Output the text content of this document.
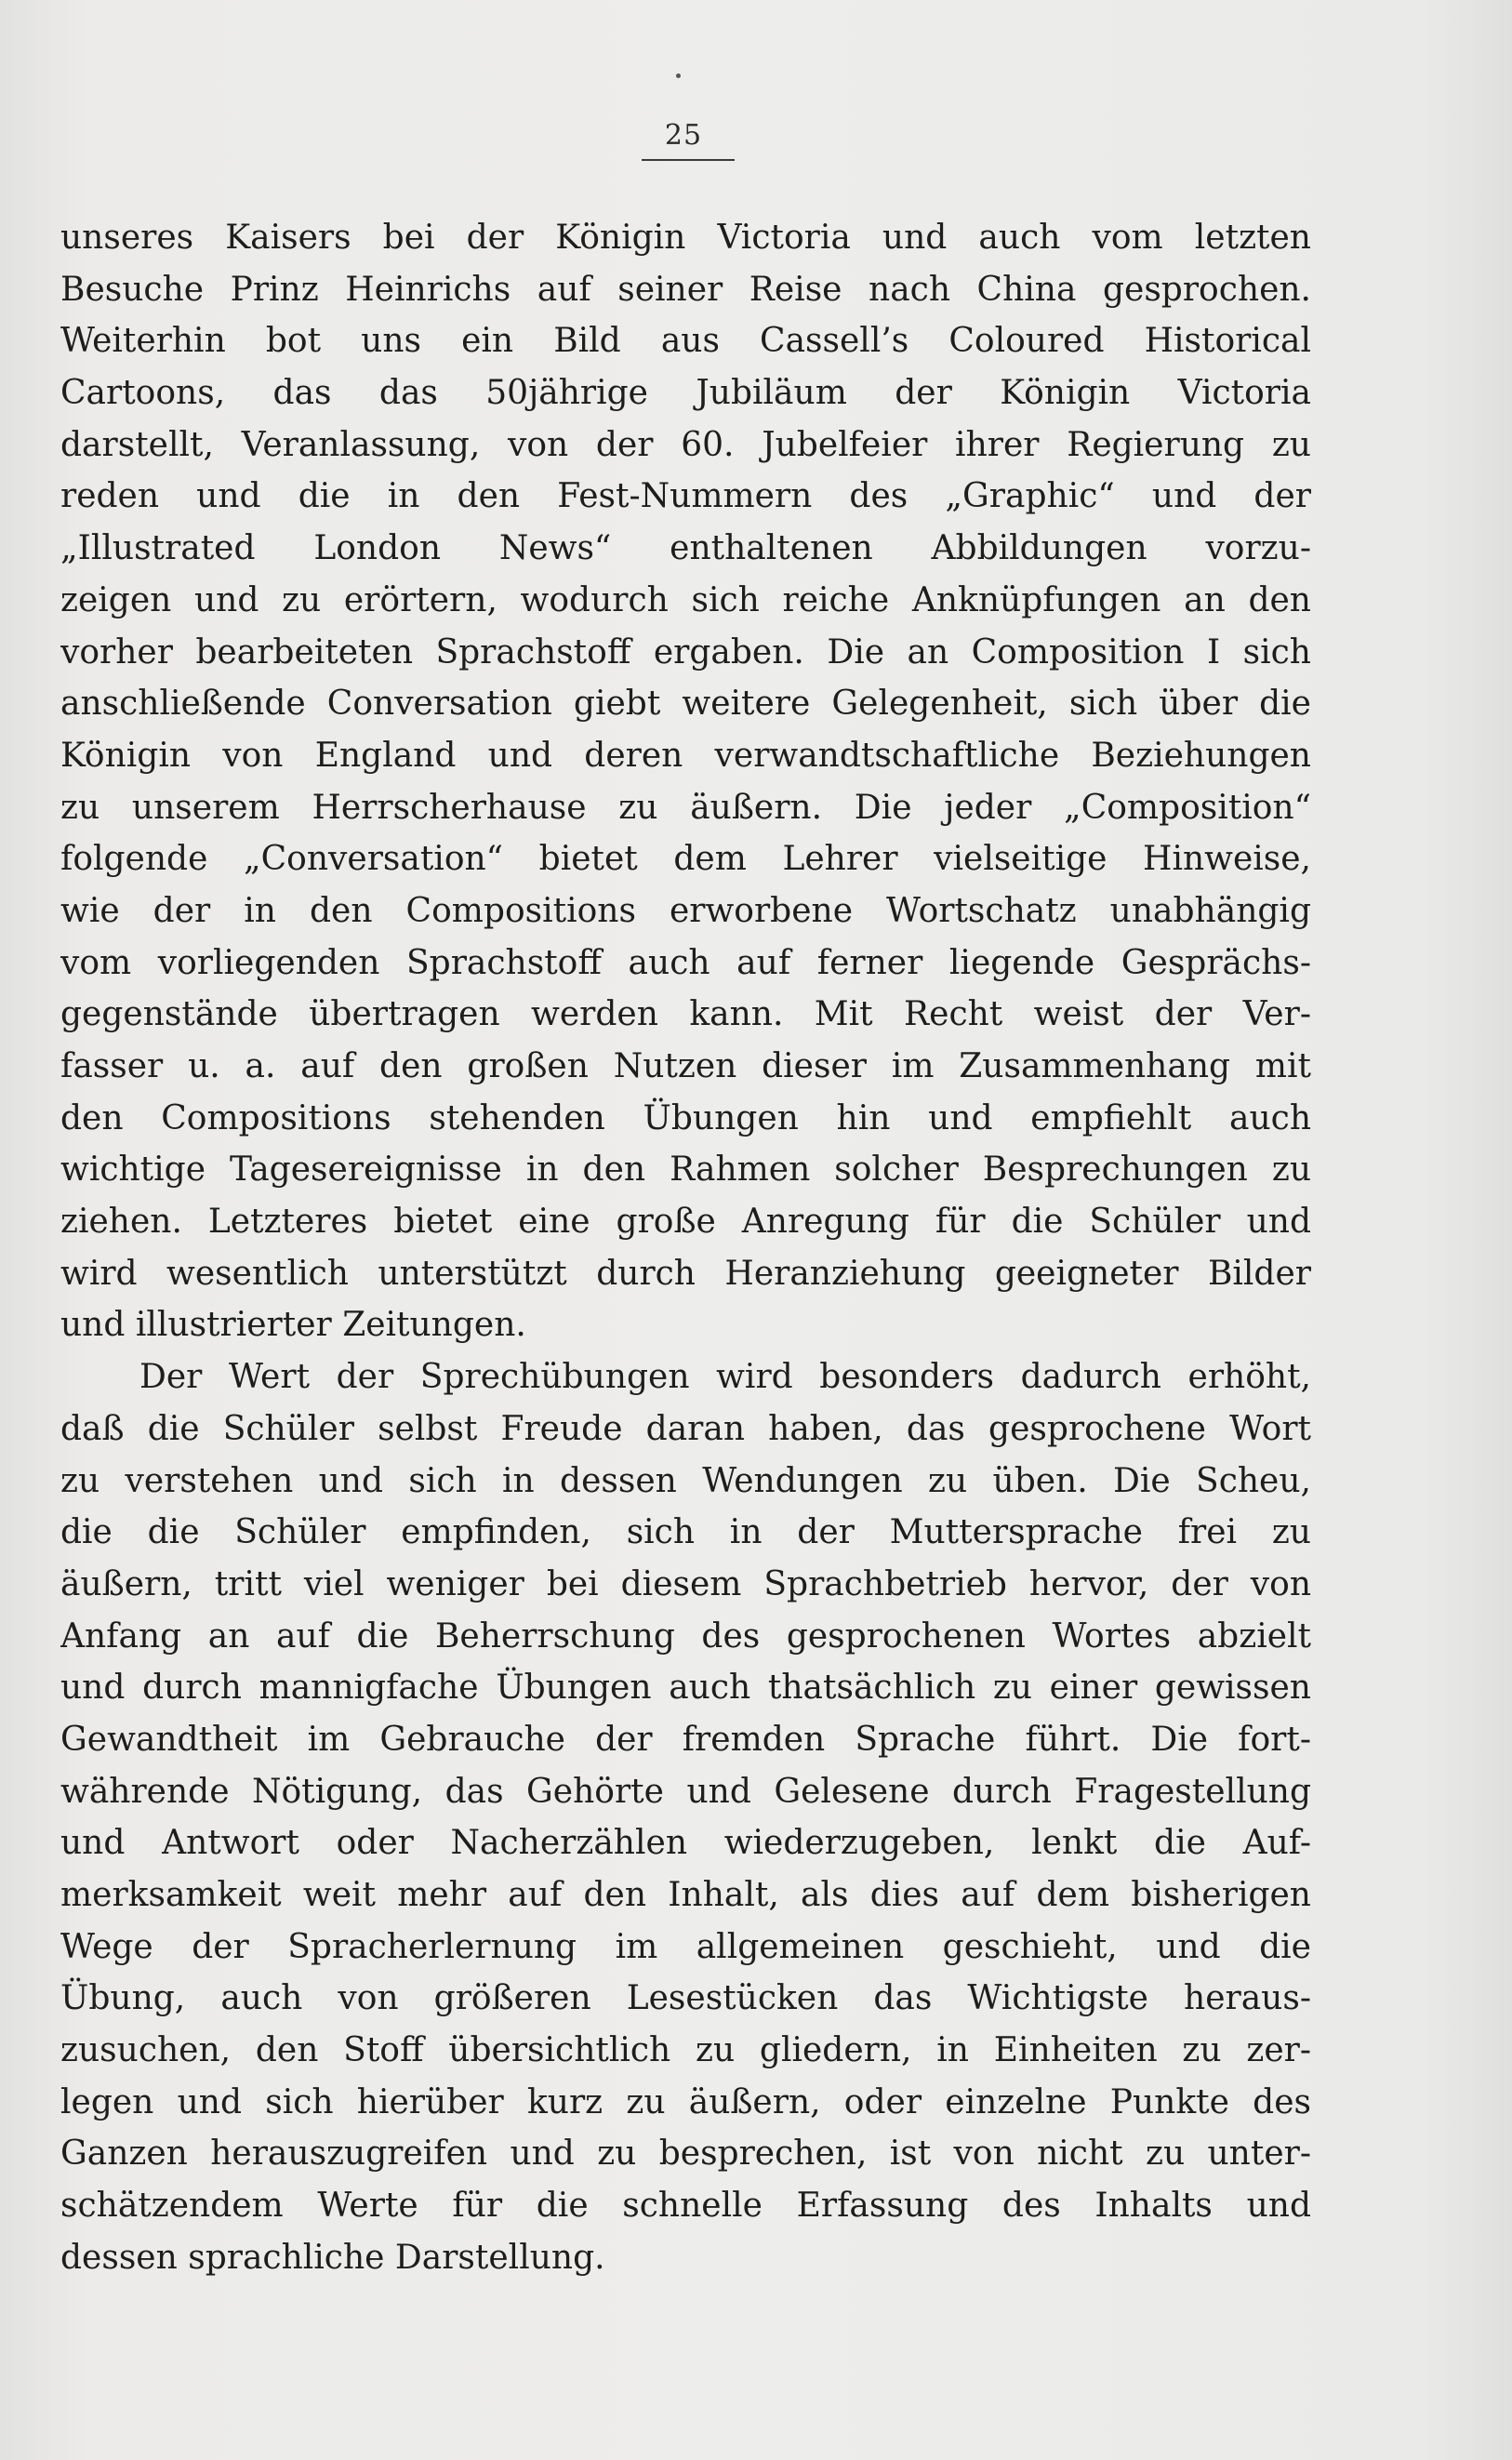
25
unseres Kaisers bei der Königin Victoria und auch vom letzten
Besuche Prinz Heinrichs auf seiner Reise nach China gesprochen.
Weiterhin bot uns ein Bild aus Cassell’s Coloured Historical
Cartoons, das das 50jährige Jubiläum der Königin Victoria
darstellt, Veranlassung, von der 60. Jubelfeier ihrer Regierung zu
reden und die in den Fest-Nummern des „Graphic“ und der
„Illustrated London News“ enthaltenen Abbildungen vorzu-
zeigen und zu erörtern, wodurch sich reiche Anknüpfungen an den
vorher bearbeiteten Sprachstoff ergaben. Die an Composition I sich
anschließende Conversation giebt weitere Gelegenheit, sich über die
Königin von England und deren verwandtschaftliche Beziehungen
zu unserem Herrscherhause zu äußern. Die jeder „Composition“
folgende „Conversation“ bietet dem Lehrer vielseitige Hinweise,
wie der in den Compositions erworbene Wortschatz unabhängig
vom vorliegenden Sprachstoff auch auf ferner liegende Gesprächs-
gegenstände übertragen werden kann. Mit Recht weist der Ver-
fasser u. a. auf den großen Nutzen dieser im Zusammenhang mit
den Compositions stehenden Übungen hin und empfiehlt auch
wichtige Tagesereignisse in den Rahmen solcher Besprechungen zu
ziehen. Letzteres bietet eine große Anregung für die Schüler und
wird wesentlich unterstützt durch Heranziehung geeigneter Bilder
und illustrierter Zeitungen.
Der Wert der Sprechübungen wird besonders dadurch erhöht,
daß die Schüler selbst Freude daran haben, das gesprochene Wort
zu verstehen und sich in dessen Wendungen zu üben. Die Scheu,
die die Schüler empfinden, sich in der Muttersprache frei zu
äußern, tritt viel weniger bei diesem Sprachbetrieb hervor, der von
Anfang an auf die Beherrschung des gesprochenen Wortes abzielt
und durch mannigfache Übungen auch thatsächlich zu einer gewissen
Gewandtheit im Gebrauche der fremden Sprache führt. Die fort-
währende Nötigung, das Gehörte und Gelesene durch Fragestellung
und Antwort oder Nacherzählen wiederzugeben, lenkt die Auf-
merksamkeit weit mehr auf den Inhalt, als dies auf dem bisherigen
Wege der Spracherlernung im allgemeinen geschieht, und die
Übung, auch von größeren Lesestücken das Wichtigste heraus-
zusuchen, den Stoff übersichtlich zu gliedern, in Einheiten zu zer-
legen und sich hierüber kurz zu äußern, oder einzelne Punkte des
Ganzen herauszugreifen und zu besprechen, ist von nicht zu unter-
schätzendem Werte für die schnelle Erfassung des Inhalts und
dessen sprachliche Darstellung.
